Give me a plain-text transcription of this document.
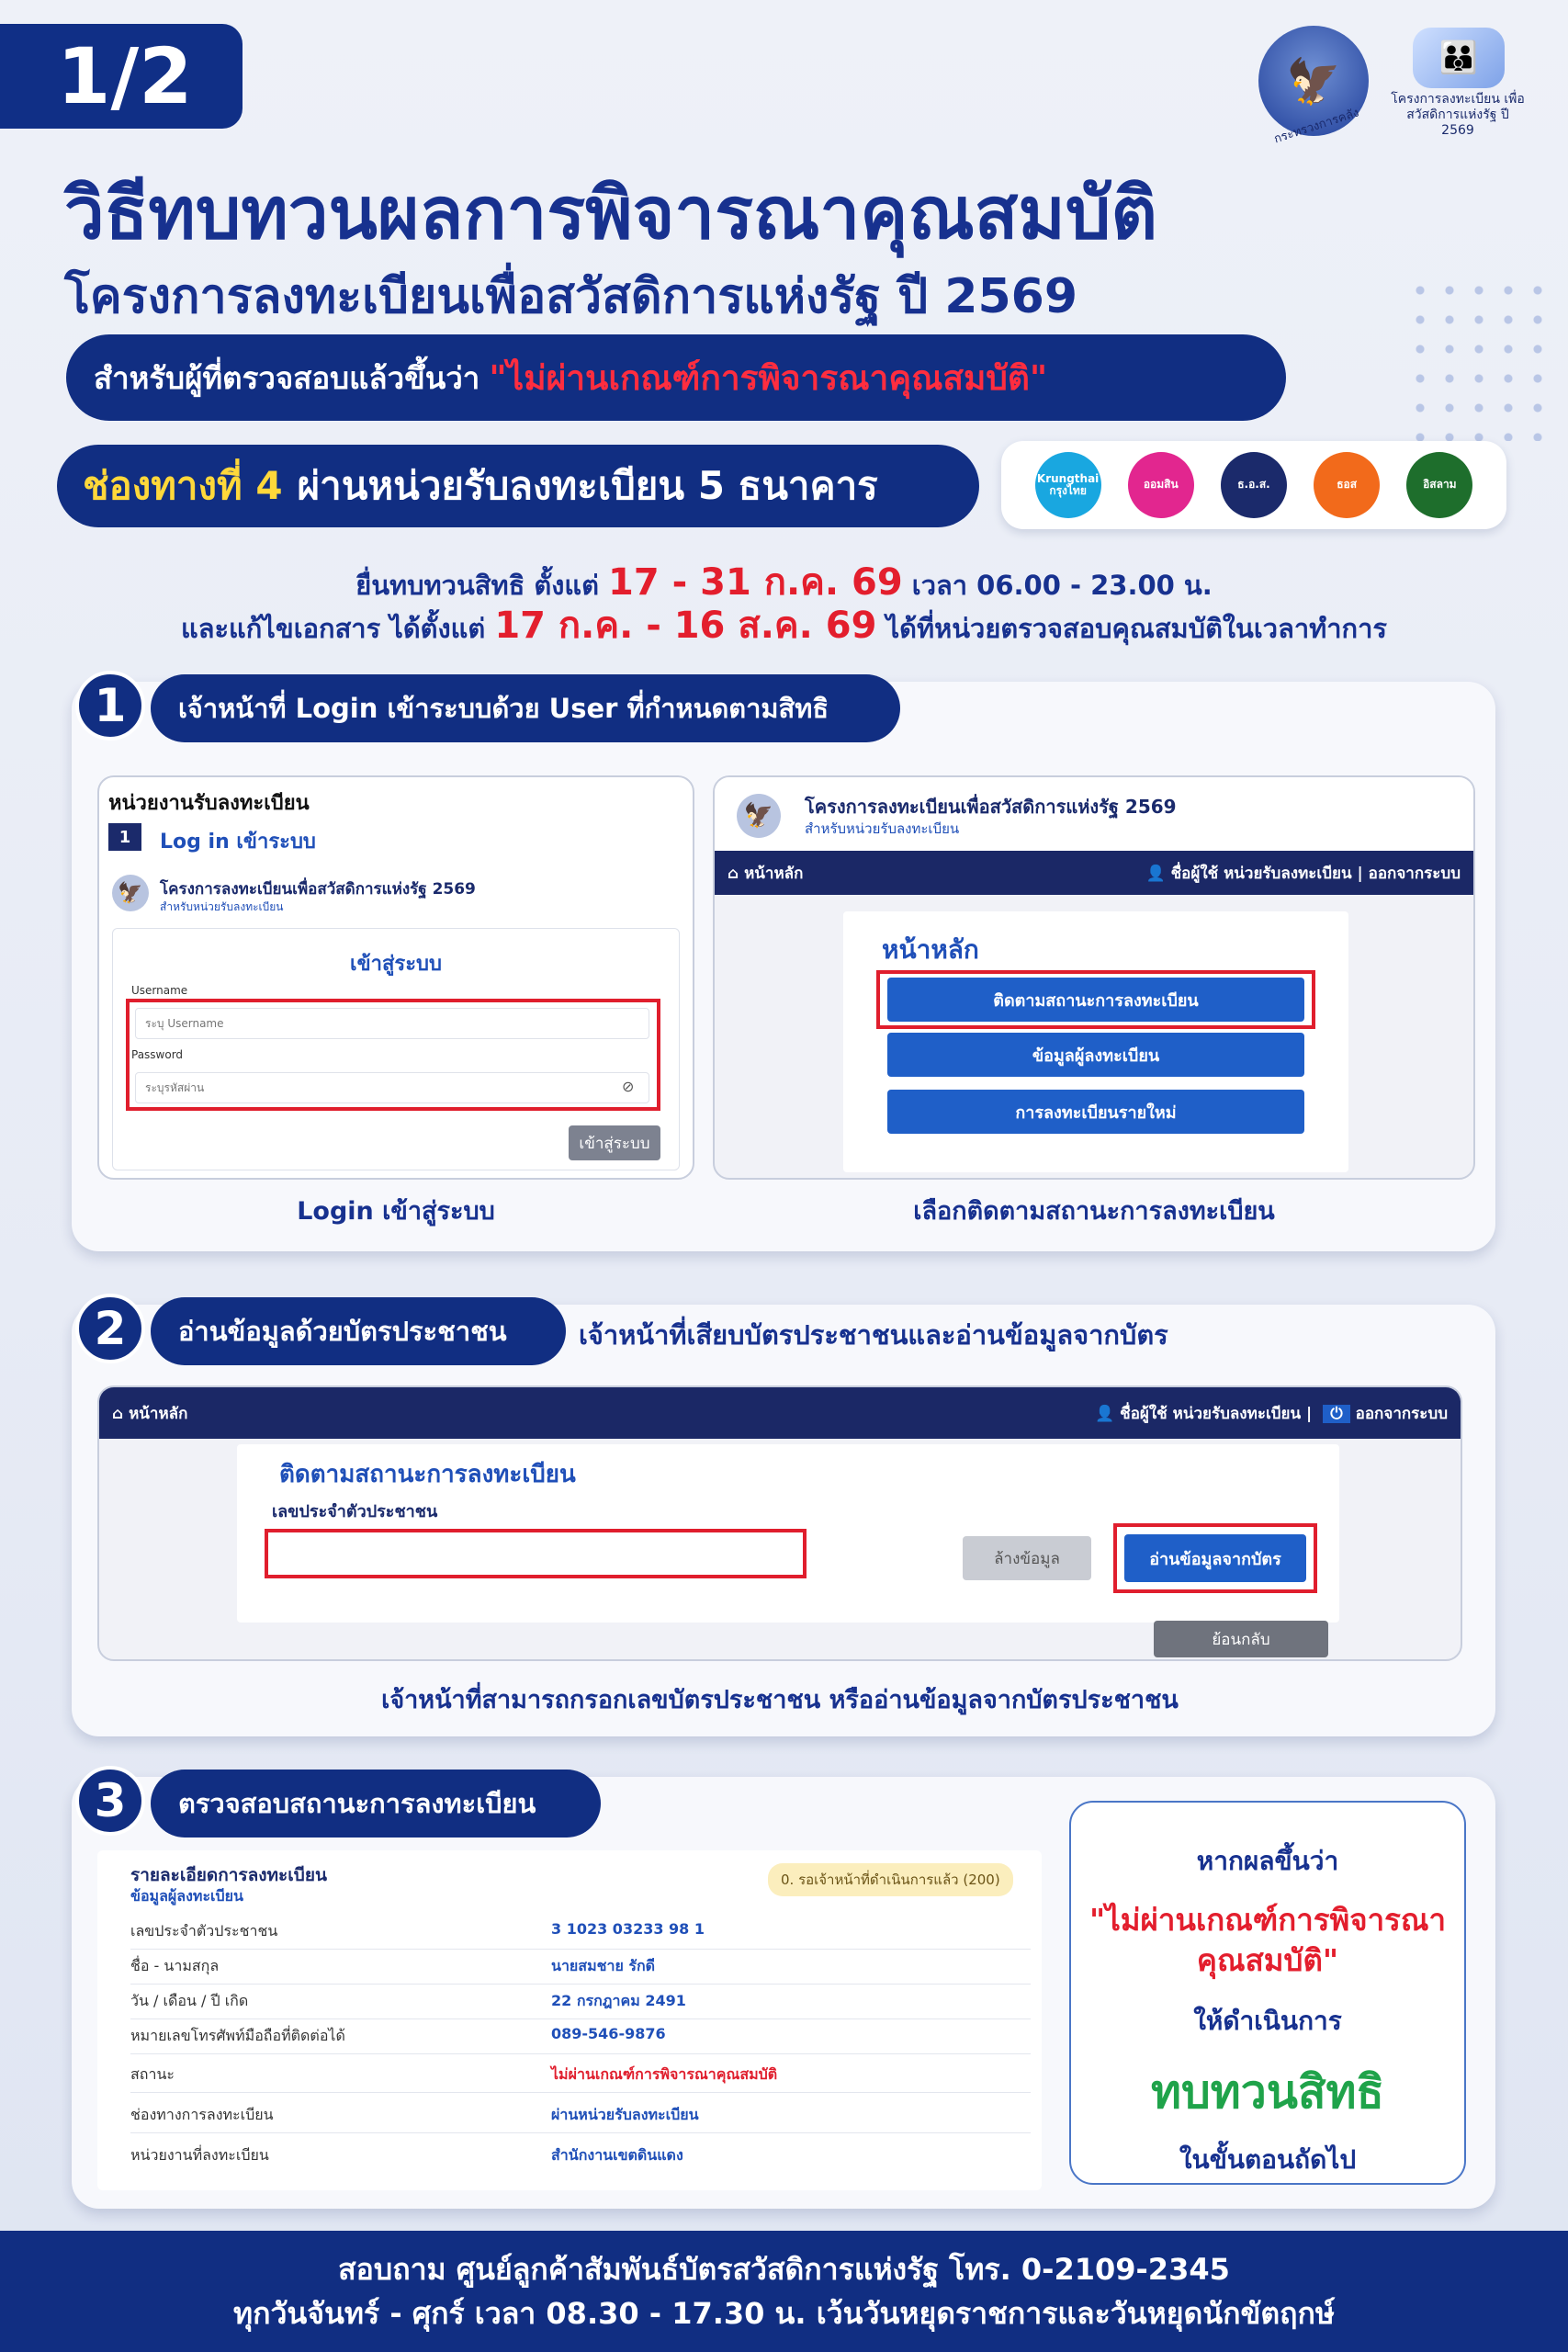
1/2	🦅
กระทรวงการคลัง
👪
โครงการลงทะเบียน เพื่อสวัสดิการแห่งรัฐ ปี 2569
วิธีทบทวนผลการพิจารณาคุณสมบัติ
โครงการลงทะเบียนเพื่อสวัสดิการแห่งรัฐ ปี 2569
สำหรับผู้ที่ตรวจสอบแล้วขึ้นว่า "ไม่ผ่านเกณฑ์การพิจารณาคุณสมบัติ"
ช่องทางที่ 4 ผ่านหน่วยรับลงทะเบียน 5 ธนาคาร	Krungthai กรุงไทย	ออมสิน	ธ.อ.ส.	ธอส	อิสลาม
ยื่นทบทวนสิทธิ ตั้งแต่ 17 - 31 ก.ค. 69 เวลา 06.00 - 23.00 น.
และแก้ไขเอกสาร ได้ตั้งแต่ 17 ก.ค. - 16 ส.ค. 69 ได้ที่หน่วยตรวจสอบคุณสมบัติในเวลาทำการ
1	เจ้าหน้าที่ Login เข้าระบบด้วย User ที่กำหนดตามสิทธิ
หน่วยงานรับลงทะเบียน
1	Log in เข้าระบบ
🦅	โครงการลงทะเบียนเพื่อสวัสดิการแห่งรัฐ 2569
สำหรับหน่วยรับลงทะเบียน
เข้าสู่ระบบ
Username
ระบุ Username
Password
ระบุรหัสผ่าน
⊘
เข้าสู่ระบบ
Login เข้าสู่ระบบ
🦅	โครงการลงทะเบียนเพื่อสวัสดิการแห่งรัฐ 2569
สำหรับหน่วยรับลงทะเบียน
⌂ หน้าหลัก	👤 ชื่อผู้ใช้ หน่วยรับลงทะเบียน | ออกจากระบบ
หน้าหลัก
ติดตามสถานะการลงทะเบียน
ข้อมูลผู้ลงทะเบียน
การลงทะเบียนรายใหม่
เลือกติดตามสถานะการลงทะเบียน
2	อ่านข้อมูลด้วยบัตรประชาชน	เจ้าหน้าที่เสียบบัตรประชาชนและอ่านข้อมูลจากบัตร
⌂ หน้าหลัก	👤 ชื่อผู้ใช้ หน่วยรับลงทะเบียน | ⏻ ออกจากระบบ
ติดตามสถานะการลงทะเบียน
เลขประจำตัวประชาชน
ล้างข้อมูล	อ่านข้อมูลจากบัตร
ย้อนกลับ
เจ้าหน้าที่สามารถกรอกเลขบัตรประชาชน หรืออ่านข้อมูลจากบัตรประชาชน
3	ตรวจสอบสถานะการลงทะเบียน
รายละเอียดการลงทะเบียน
ข้อมูลผู้ลงทะเบียน
0. รอเจ้าหน้าที่ดำเนินการแล้ว (200)
เลขประจำตัวประชาชน	3 1023 03233 98 1
ชื่อ - นามสกุล	นายสมชาย รักดี
วัน / เดือน / ปี เกิด	22 กรกฎาคม 2491
หมายเลขโทรศัพท์มือถือที่ติดต่อได้	089-546-9876
สถานะ	ไม่ผ่านเกณฑ์การพิจารณาคุณสมบัติ
ช่องทางการลงทะเบียน	ผ่านหน่วยรับลงทะเบียน
หน่วยงานที่ลงทะเบียน	สำนักงานเขตดินแดง
หากผลขึ้นว่า
"ไม่ผ่านเกณฑ์การพิจารณาคุณสมบัติ"
ให้ดำเนินการ
ทบทวนสิทธิ
ในขั้นตอนถัดไป
สอบถาม ศูนย์ลูกค้าสัมพันธ์บัตรสวัสดิการแห่งรัฐ โทร. 0-2109-2345
ทุกวันจันทร์ - ศุกร์ เวลา 08.30 - 17.30 น. เว้นวันหยุดราชการและวันหยุดนักขัตฤกษ์
